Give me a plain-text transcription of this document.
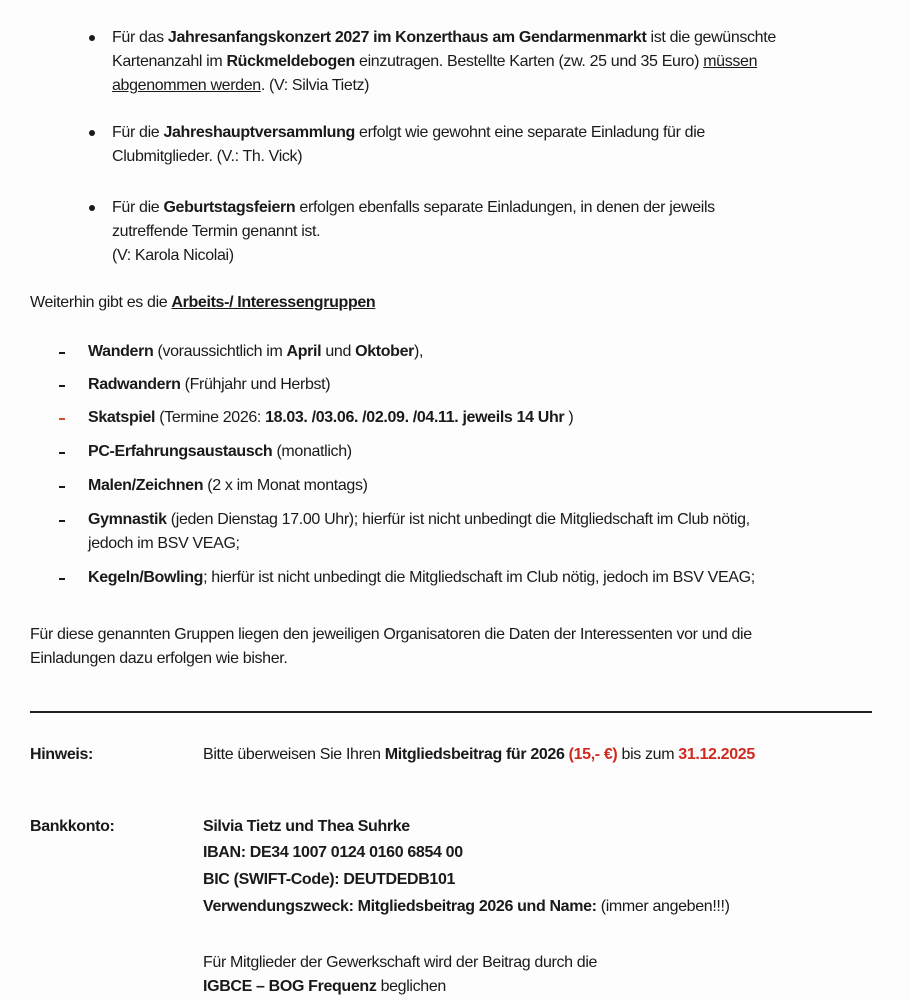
Für das Jahresanfangskonzert 2027 im Konzerthaus am Gendarmenmarkt ist die gewünschte
Kartenanzahl im Rückmeldebogen einzutragen. Bestellte Karten (zw. 25 und 35 Euro) müssen
abgenommen werden. (V: Silvia Tietz)
Für die Jahreshauptversammlung erfolgt wie gewohnt eine separate Einladung für die
Clubmitglieder. (V.: Th. Vick)
Für die Geburtstagsfeiern erfolgen ebenfalls separate Einladungen, in denen der jeweils
zutreffende Termin genannt ist.
(V: Karola Nicolai)
Weiterhin gibt es die Arbeits-/ Interessengruppen
Wandern (voraussichtlich im April und Oktober),
Radwandern (Frühjahr und Herbst)
Skatspiel (Termine 2026: 18.03. /03.06. /02.09. /04.11. jeweils 14 Uhr )
PC-Erfahrungsaustausch (monatlich)
Malen/Zeichnen (2 x im Monat montags)
Gymnastik (jeden Dienstag 17.00 Uhr); hierfür ist nicht unbedingt die Mitgliedschaft im Club nötig,
jedoch im BSV VEAG;
Kegeln/Bowling; hierfür ist nicht unbedingt die Mitgliedschaft im Club nötig, jedoch im BSV VEAG;
Für diese genannten Gruppen liegen den jeweiligen Organisatoren die Daten der Interessenten vor und die
Einladungen dazu erfolgen wie bisher.
Hinweis:	Bitte überweisen Sie Ihren Mitgliedsbeitrag für 2026 (15,- €) bis zum 31.12.2025
Bankkonto:	Silvia Tietz und Thea Suhrke
IBAN: DE34 1007 0124 0160 6854 00
BIC (SWIFT-Code): DEUTDEDB101
Verwendungszweck: Mitgliedsbeitrag 2026 und Name: (immer angeben!!!)
Für Mitglieder der Gewerkschaft wird der Beitrag durch die
IGBCE – BOG Frequenz beglichen
